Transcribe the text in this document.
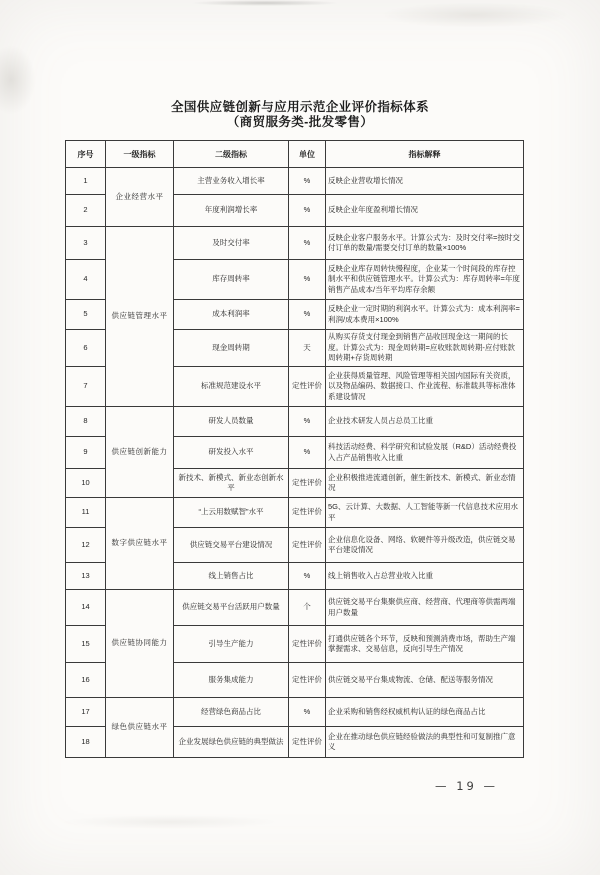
全国供应链创新与应用示范企业评价指标体系
（商贸服务类-批发零售）
序号	一级指标	二级指标	单位	指标解释
1	企业经营水平	主营业务收入增长率	%	反映企业营收增长情况
2		年度利润增长率	%	反映企业年度盈利增长情况
3	供应链管理水平	及时交付率	%	反映企业客户服务水平。计算公式为：及时交付率=按时交付订单的数量/需要交付订单的数量×100%
4		库存周转率	%	反映企业库存周转快慢程度，企业某一个时间段的库存控制水平和供应链管理水平。计算公式为：库存周转率=年度销售产品成本/当年平均库存余额
5		成本利润率	%	反映企业一定时期的利润水平。计算公式为：成本利润率=利润/成本费用×100%
6		现金周转期	天	从购买存货支付现金到销售产品收回现金这一期间的长度。计算公式为：现金周转期=应收账款周转期-应付账款周转期+存货周转期
7		标准规范建设水平	定性评价	企业获得质量管理、风险管理等相关国内国际有关资质，以及物品编码、数据接口、作业流程、标准载具等标准体系建设情况
8	供应链创新能力	研发人员数量	%	企业技术研发人员占总员工比重
9		研发投入水平	%	科技活动经费、科学研究和试验发展（R&D）活动经费投入占产品销售收入比重
10		新技术、新模式、新业态创新水平	定性评价	企业积极推进流通创新，催生新技术、新模式、新业态情况
11	数字供应链水平	“上云用数赋智”水平	定性评价	5G、云计算、大数据、人工智能等新一代信息技术应用水平
12		供应链交易平台建设情况	定性评价	企业信息化设备、网络、软硬件等升级改造，供应链交易平台建设情况
13		线上销售占比	%	线上销售收入占总营业收入比重
14	供应链协同能力	供应链交易平台活跃用户数量	个	供应链交易平台集聚供应商、经营商、代理商等供需两端用户数量
15		引导生产能力	定性评价	打通供应链各个环节，反映和预测消费市场，帮助生产端掌握需求、交易信息，反向引导生产情况
16		服务集成能力	定性评价	供应链交易平台集成物流、仓储、配送等服务情况
17	绿色供应链水平	经营绿色商品占比	%	企业采购和销售经权威机构认证的绿色商品占比
18		企业发展绿色供应链的典型做法	定性评价	企业在推动绿色供应链经验做法的典型性和可复制推广意义
— 19 —
